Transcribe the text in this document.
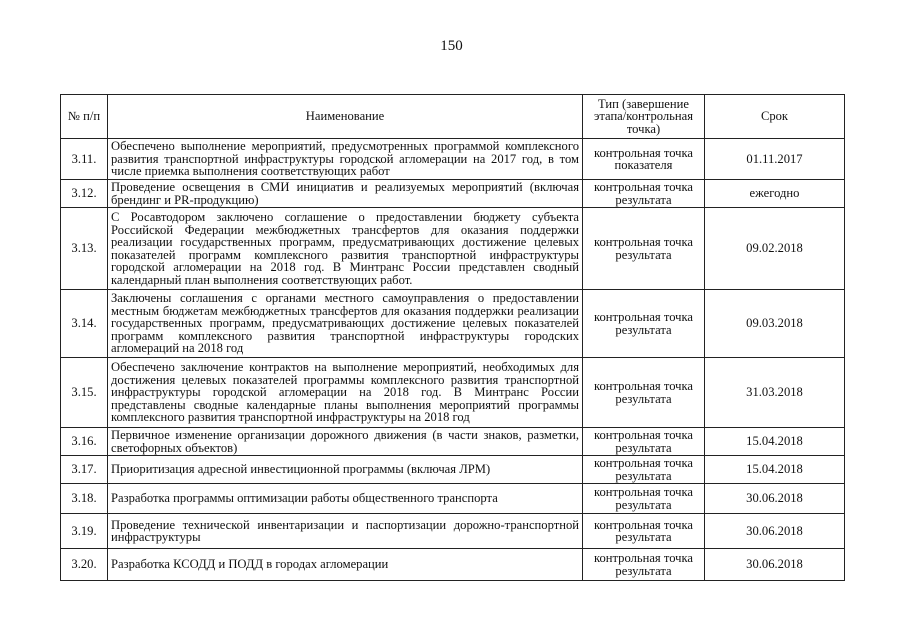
150
№ п/п	Наименование	Тип (завершение этапа/контрольная точка)	Срок
3.11.	Обеспечено выполнение мероприятий, предусмотренных программой комплексного развития транспортной инфраструктуры городской агломерации на 2017 год, в том числе приемка выполнения соответствующих работ	контрольная точка показателя	01.11.2017
3.12.	Проведение освещения в СМИ инициатив и реализуемых мероприятий (включая брендинг и PR-продукцию)	контрольная точка результата	ежегодно
3.13.	С Росавтодором заключено соглашение о предоставлении бюджету субъекта Российской Федерации межбюджетных трансфертов для оказания поддержки реализации государственных программ, предусматривающих достижение целевых показателей программ комплексного развития транспортной инфраструктуры городской агломерации на 2018 год. В Минтранс России представлен сводный календарный план выполнения соответствующих работ.	контрольная точка результата	09.02.2018
3.14.	Заключены соглашения с органами местного самоуправления о предоставлении местным бюджетам межбюджетных трансфертов для оказания поддержки реализации государственных программ, предусматривающих достижение целевых показателей программ комплексного развития транспортной инфраструктуры городских агломераций на 2018 год	контрольная точка результата	09.03.2018
3.15.	Обеспечено заключение контрактов на выполнение мероприятий, необходимых для достижения целевых показателей программы комплексного развития транспортной инфраструктуры городской агломерации на 2018 год. В Минтранс России представлены сводные календарные планы выполнения мероприятий программы комплексного развития транспортной инфраструктуры на 2018 год	контрольная точка результата	31.03.2018
3.16.	Первичное изменение организации дорожного движения (в части знаков, разметки, светофорных объектов)	контрольная точка результата	15.04.2018
3.17.	Приоритизация адресной инвестиционной программы (включая ЛРМ)	контрольная точка результата	15.04.2018
3.18.	Разработка программы оптимизации работы общественного транспорта	контрольная точка результата	30.06.2018
3.19.	Проведение технической инвентаризации и паспортизации дорожно-транспортной инфраструктуры	контрольная точка результата	30.06.2018
3.20.	Разработка КСОДД и ПОДД в городах агломерации	контрольная точка результата	30.06.2018
